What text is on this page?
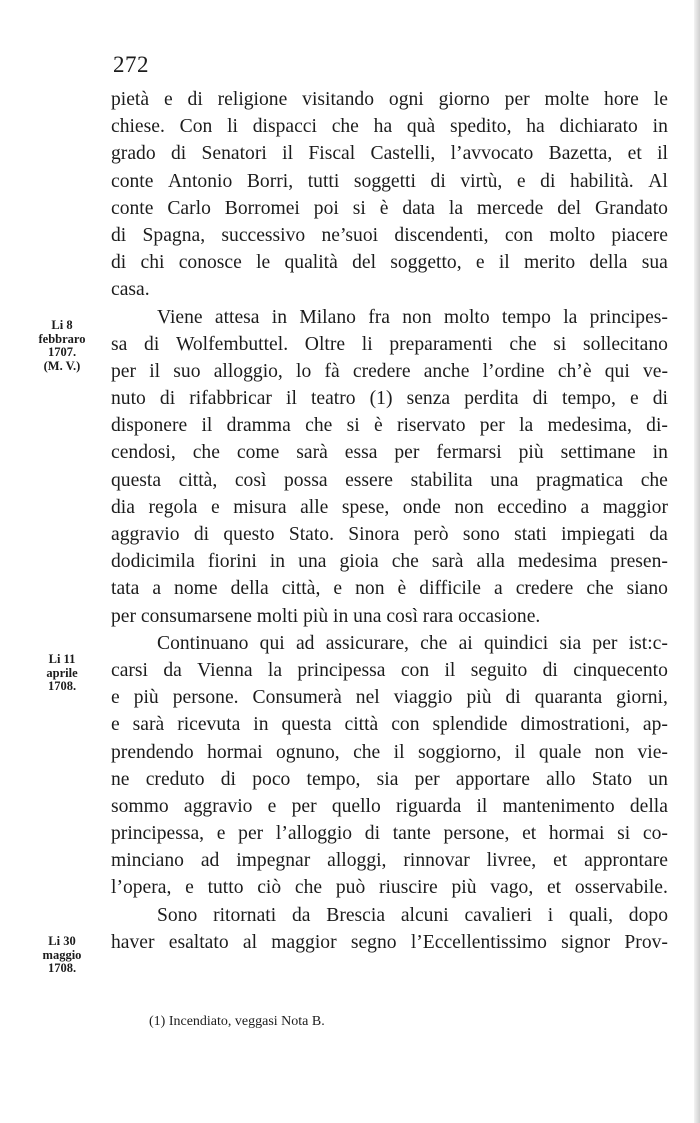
272
pietà e di religione visitando ogni giorno per molte hore le
chiese. Con li dispacci che ha quà spedito, ha dichiarato in
grado di Senatori il Fiscal Castelli, l’avvocato Bazetta, et il
conte Antonio Borri, tutti soggetti di virtù, e di habilità. Al
conte Carlo Borromei poi si è data la mercede del Grandato
di Spagna, successivo ne’suoi discendenti, con molto piacere
di chi conosce le qualità del soggetto, e il merito della sua
casa.
Viene attesa in Milano fra non molto tempo la principes-
sa di Wolfembuttel. Oltre li preparamenti che si sollecitano
per il suo alloggio, lo fà credere anche l’ordine ch’è qui ve-
nuto di rifabbricar il teatro (1) senza perdita di tempo, e di
disponere il dramma che si è riservato per la medesima, di-
cendosi, che come sarà essa per fermarsi più settimane in
questa città, così possa essere stabilita una pragmatica che
dia regola e misura alle spese, onde non eccedino a maggior
aggravio di questo Stato. Sinora però sono stati impiegati da
dodicimila fiorini in una gioia che sarà alla medesima presen-
tata a nome della città, e non è difficile a credere che siano
per consumarsene molti più in una così rara occasione.
Continuano qui ad assicurare, che ai quindici sia per ist:c-
carsi da Vienna la principessa con il seguito di cinquecento
e più persone. Consumerà nel viaggio più di quaranta giorni,
e sarà ricevuta in questa città con splendide dimostrationi, ap-
prendendo hormai ognuno, che il soggiorno, il quale non vie-
ne creduto di poco tempo, sia per apportare allo Stato un
sommo aggravio e per quello riguarda il mantenimento della
principessa, e per l’alloggio di tante persone, et hormai si co-
minciano ad impegnar alloggi, rinnovar livree, et approntare
l’opera, e tutto ciò che può riuscire più vago, et osservabile.
Sono ritornati da Brescia alcuni cavalieri i quali, dopo
haver esaltato al maggior segno l’Eccellentissimo signor Prov-
Li 8
febbraro
1707.
(M. V.)
Li 11
aprile
1708.
Li 30
maggio
1708.
(1) Incendiato, veggasi Nota B.
